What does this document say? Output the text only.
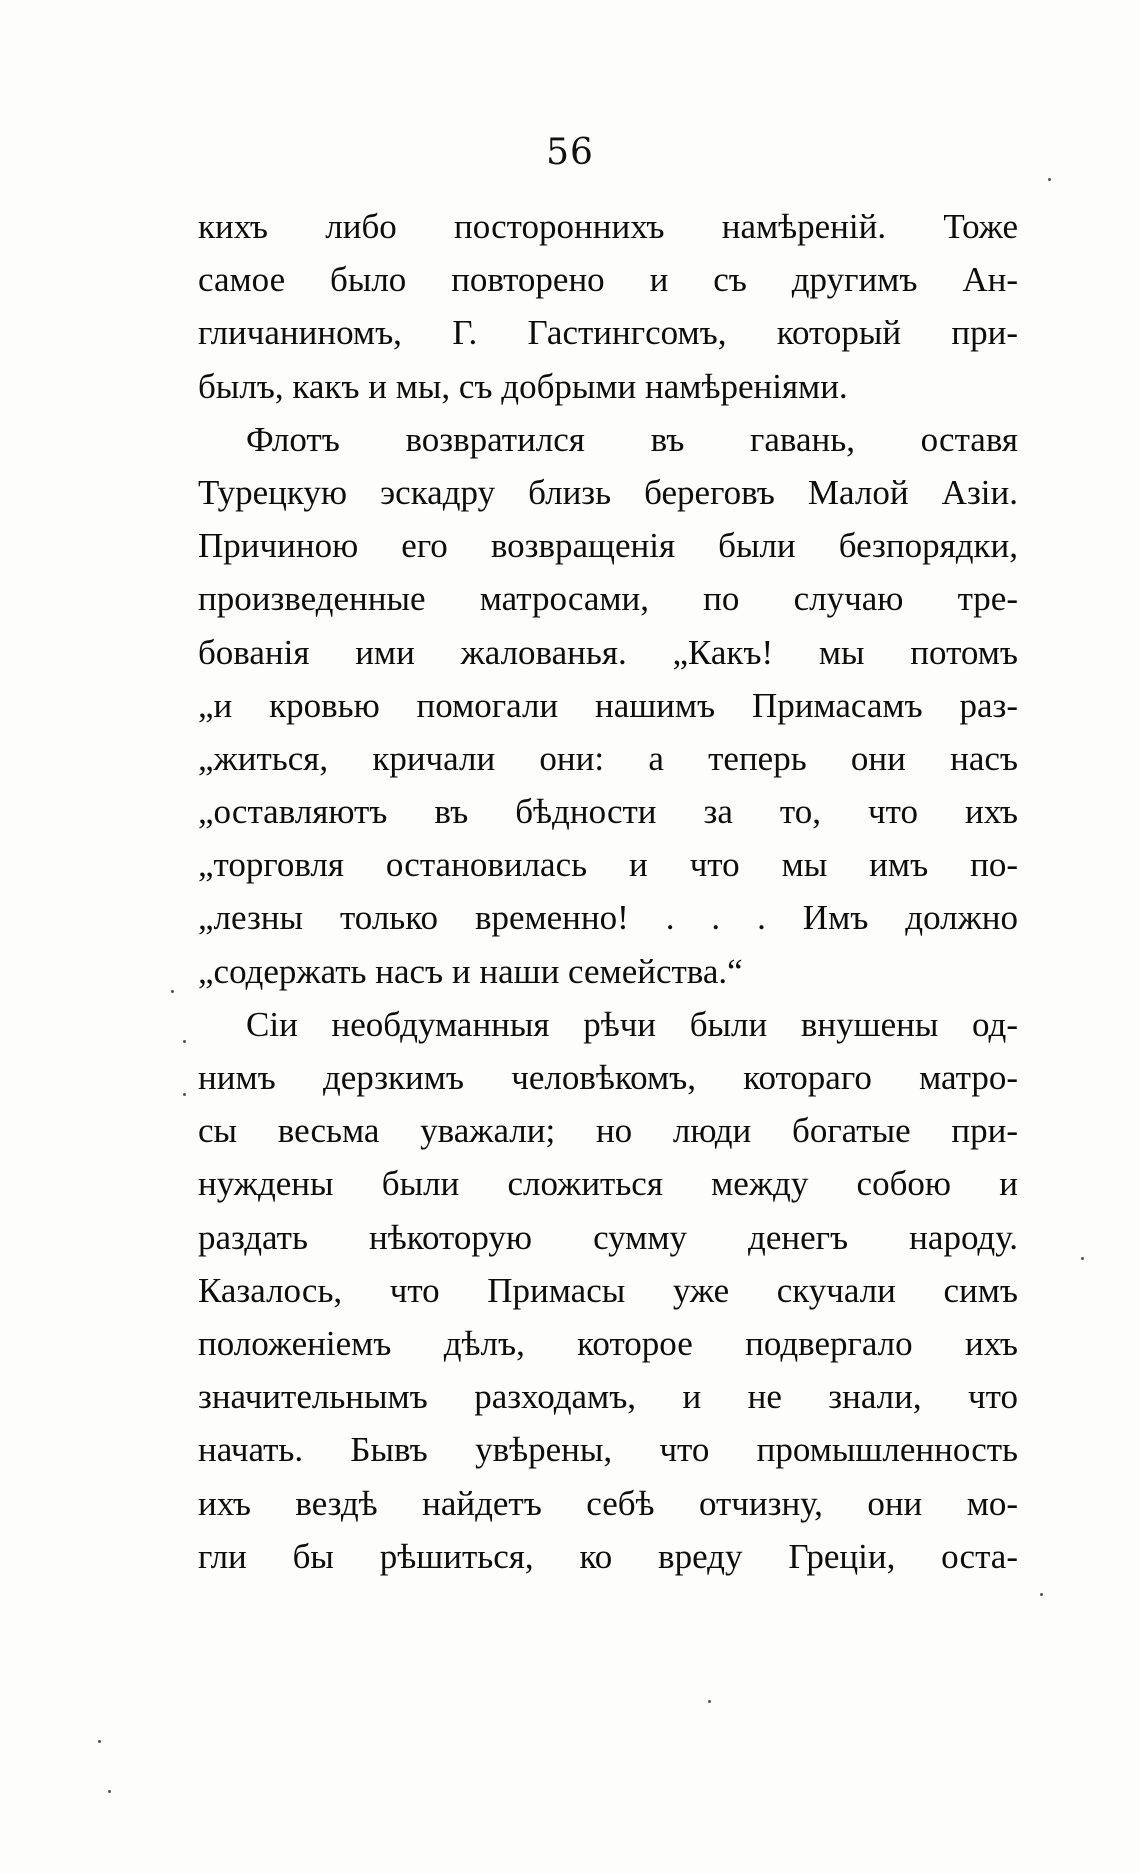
56
кихъ либо постороннихъ намѣреній. Тоже
самое было повторено и съ другимъ Ан-
гличаниномъ, Г. Гастингсомъ, который при-
былъ, какъ и мы, съ добрыми намѣреніями.
Флотъ возвратился въ гавань, оставя
Турецкую эскадру близь береговъ Малой Азіи.
Причиною его возвращенія были безпорядки,
произведенные матросами, по случаю тре-
бованія ими жалованья. „Какъ! мы потомъ
„и кровью помогали нашимъ Примасамъ раз-
„житься, кричали они: а теперь они насъ
„оставляютъ въ бѣдности за то, что ихъ
„торговля остановилась и что мы имъ по-
„лезны только временно! . . . Имъ должно
„содержать насъ и наши семейства.“
Сіи необдуманныя рѣчи были внушены од-
нимъ дерзкимъ человѣкомъ, котораго матро-
сы весьма уважали; но люди богатые при-
нуждены были сложиться между собою и
раздать нѣкоторую сумму денегъ народу.
Казалось, что Примасы уже скучали симъ
положеніемъ дѣлъ, которое подвергало ихъ
значительнымъ разходамъ, и не знали, что
начать. Бывъ увѣрены, что промышленность
ихъ вездѣ найдетъ себѣ отчизну, они мо-
гли бы рѣшиться, ко вреду Греціи, оста-
